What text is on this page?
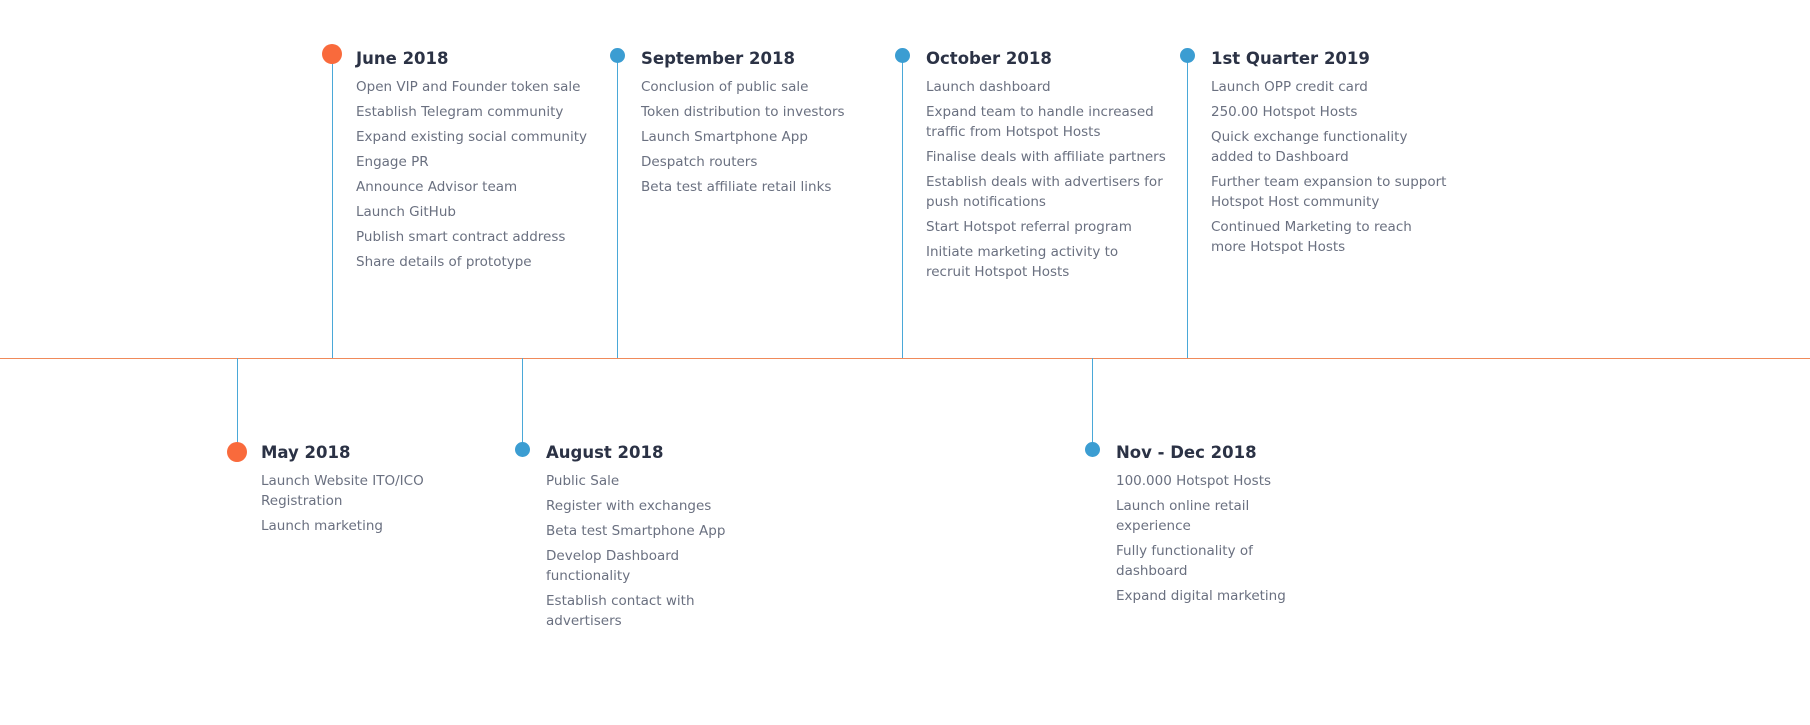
June 2018
Open VIP and Founder token sale
Establish Telegram community
Expand existing social community
Engage PR
Announce Advisor team
Launch GitHub
Publish smart contract address
Share details of prototype
September 2018
Conclusion of public sale
Token distribution to investors
Launch Smartphone App
Despatch routers
Beta test affiliate retail links
October 2018
Launch dashboard
Expand team to handle increased traffic from Hotspot Hosts
Finalise deals with affiliate partners
Establish deals with advertisers for push notifications
Start Hotspot referral program
Initiate marketing activity to recruit Hotspot Hosts
1st Quarter 2019
Launch OPP credit card
250.00 Hotspot Hosts
Quick exchange functionality added to Dashboard
Further team expansion to support Hotspot Host community
Continued Marketing to reach more Hotspot Hosts
May 2018
Launch Website ITO/ICO Registration
Launch marketing
August 2018
Public Sale
Register with exchanges
Beta test Smartphone App
Develop Dashboard functionality
Establish contact with advertisers
Nov - Dec 2018
100.000 Hotspot Hosts
Launch online retail experience
Fully functionality of dashboard
Expand digital marketing
